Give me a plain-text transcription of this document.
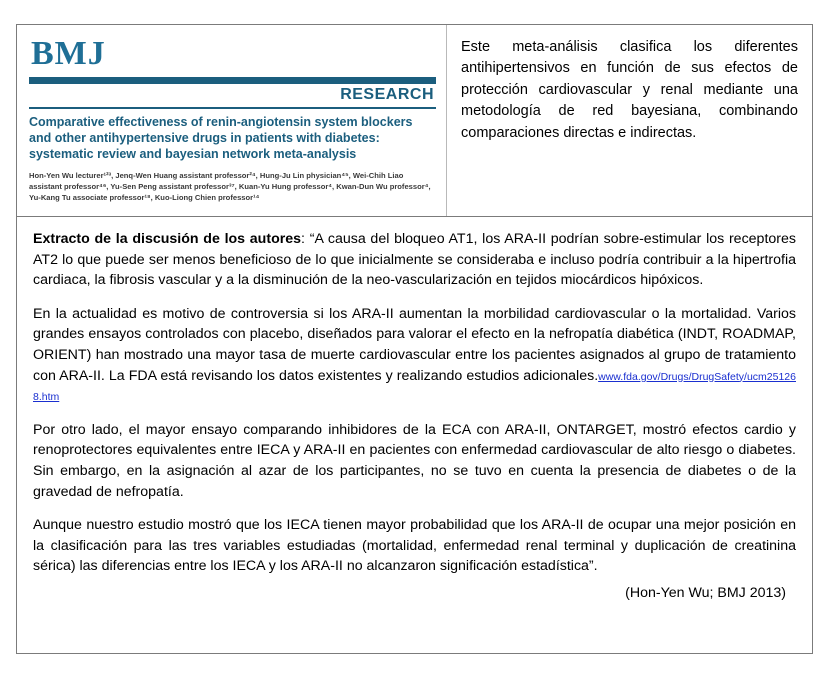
BMJ
RESEARCH
Comparative effectiveness of renin-angiotensin system blockers and other antihypertensive drugs in patients with diabetes: systematic review and bayesian network meta-analysis
Hon-Yen Wu lecturer¹²³, Jenq-Wen Huang assistant professor²⁴, Hung-Ju Lin physician⁴⁵, Wei-Chih Liao assistant professor⁴⁶, Yu-Sen Peng assistant professor³⁷, Kuan-Yu Hung professor⁴, Kwan-Dun Wu professor⁴, Yu-Kang Tu associate professor¹⁸, Kuo-Liong Chien professor¹⁴
Este meta-análisis clasifica los diferentes antihipertensivos en función de sus efectos de protección cardiovascular y renal mediante una metodología de red bayesiana, combinando comparaciones directas e indirectas.

Extracto de la discusión de los autores: “A causa del bloqueo AT1, los ARA-II podrían sobre-estimular los receptores AT2 lo que puede ser menos beneficioso de lo que inicialmente se consideraba e incluso podría contribuir a la hipertrofia cardiaca, la fibrosis vascular y a la disminución de la neo-vascularización en tejidos miocárdicos hipóxicos.

En la actualidad es motivo de controversia si los ARA-II aumentan la morbilidad cardiovascular o la mortalidad. Varios grandes ensayos controlados con placebo, diseñados para valorar el efecto en la nefropatía diabética (INDT, ROADMAP, ORIENT) han mostrado una mayor tasa de muerte cardiovascular entre los pacientes asignados al grupo de tratamiento con ARA-II. La FDA está revisando los datos existentes y realizando estudios adicionales.www.fda.gov/Drugs/DrugSafety/ucm251268.htm

Por otro lado, el mayor ensayo comparando inhibidores de la ECA con ARA-II, ONTARGET, mostró efectos cardio y renoprotectores equivalentes entre IECA y ARA-II en pacientes con enfermedad cardiovascular de alto riesgo o diabetes. Sin embargo, en la asignación al azar de los participantes, no se tuvo en cuenta la presencia de diabetes o de la gravedad de nefropatía.

Aunque nuestro estudio mostró que los IECA tienen mayor probabilidad que los ARA-II de ocupar una mejor posición en la clasificación para las tres variables estudiadas (mortalidad, enfermedad renal terminal y duplicación de creatinina sérica) las diferencias entre los IECA y los ARA-II no alcanzaron significación estadística”.

(Hon-Yen Wu; BMJ 2013)
